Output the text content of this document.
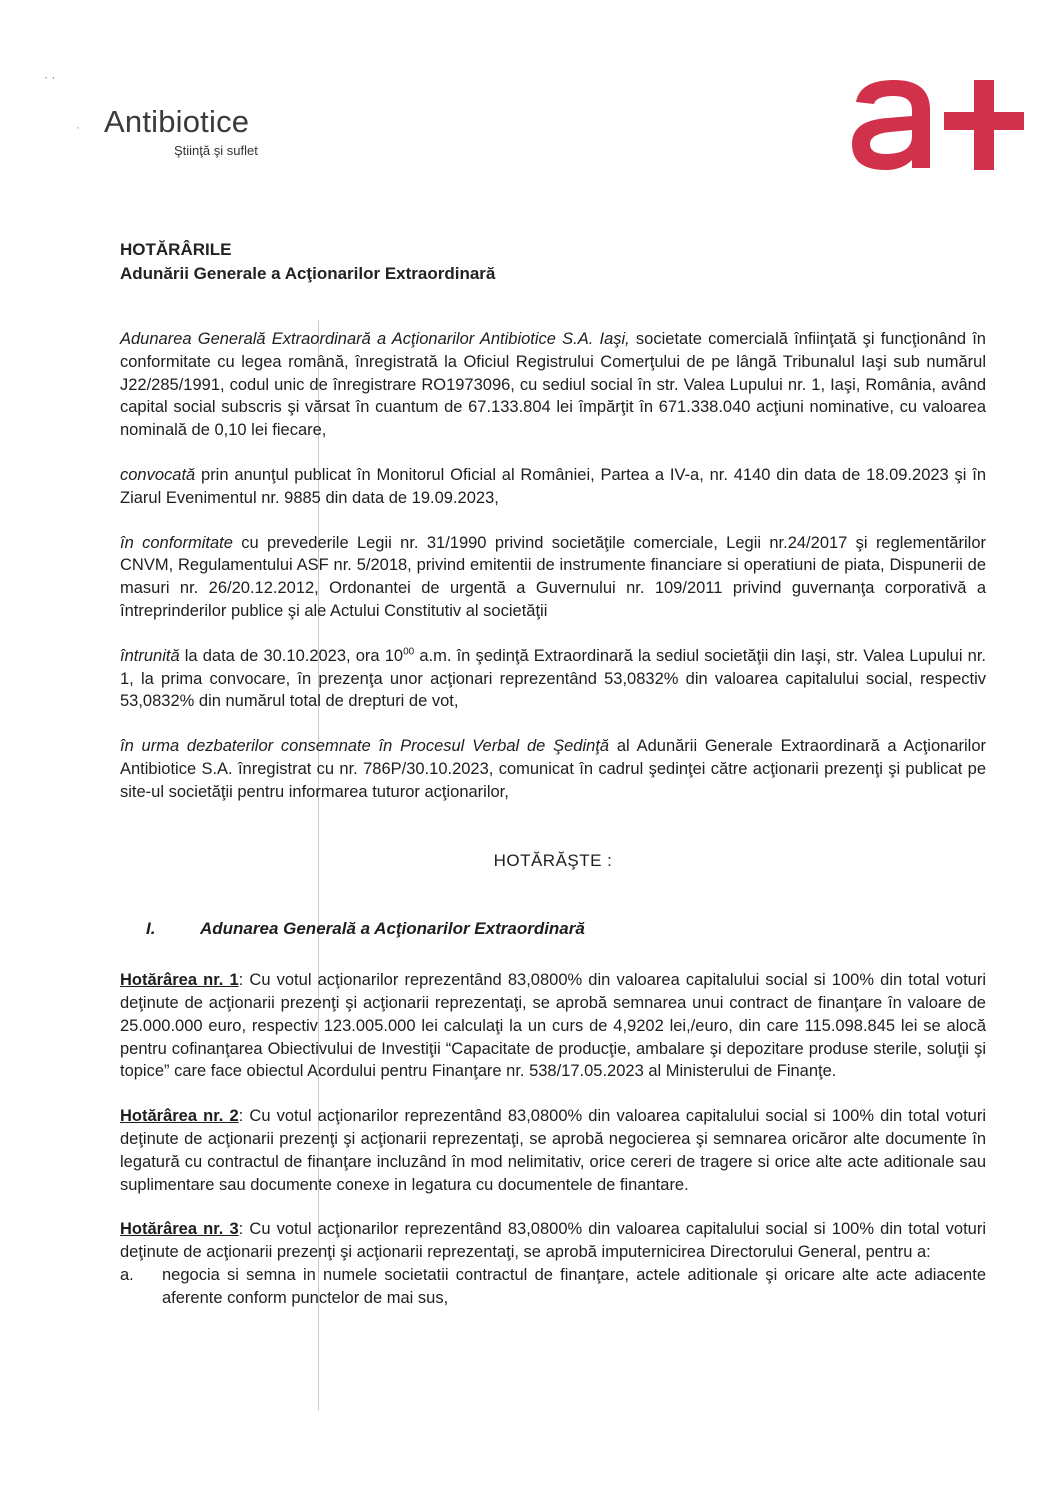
· ·
· Antibiotice
Ştiinţă şi suflet
HOTĂRÂRILE
Adunării Generale a Acţionarilor Extraordinară

Adunarea Generală Extraordinară a Acţionarilor Antibiotice S.A. Iaşi, societate comercială înfiinţată şi funcţionând în conformitate cu legea română, înregistrată la Oficiul Registrului Comerţului de pe lângă Tribunalul Iaşi sub numărul J22/285/1991, codul unic de înregistrare RO1973096, cu sediul social în str. Valea Lupului nr. 1, Iaşi, România, având capital social subscris şi vărsat în cuantum de 67.133.804 lei împărţit în 671.338.040 acţiuni nominative, cu valoarea nominală de 0,10 lei fiecare,

convocată prin anunţul publicat în Monitorul Oficial al României, Partea a IV-a, nr. 4140 din data de 18.09.2023 şi în Ziarul Evenimentul nr. 9885 din data de 19.09.2023,

în conformitate cu prevederile Legii nr. 31/1990 privind societăţile comerciale, Legii nr.24/2017 şi reglementărilor CNVM, Regulamentului ASF nr. 5/2018, privind emitentii de instrumente financiare si operatiuni de piata, Dispunerii de masuri nr. 26/20.12.2012, Ordonantei de urgentă a Guvernului nr. 109/2011 privind guvernanţa corporativă a întreprinderilor publice şi ale Actului Constitutiv al societăţii

întrunită la data de 30.10.2023, ora $10^{00}$ a.m. în şedinţă Extraordinară la sediul societăţii din Iaşi, str. Valea Lupului nr. 1, la prima convocare, în prezenţa unor acţionari reprezentând 53,0832% din valoarea capitalului social, respectiv 53,0832% din numărul total de drepturi de vot,

în urma dezbaterilor consemnate în Procesul Verbal de Şedinţă al Adunării Generale Extraordinară a Acţionarilor Antibiotice S.A. înregistrat cu nr. 786P/30.10.2023, comunicat în cadrul şedinţei către acţionarii prezenţi şi publicat pe site-ul societăţii pentru informarea tuturor acţionarilor,

HOTĂRĂŞTE :
I.	Adunarea Generală a Acţionarilor Extraordinară

Hotărârea nr. 1: Cu votul acţionarilor reprezentând 83,0800% din valoarea capitalului social si 100% din total voturi deţinute de acţionarii prezenţi şi acţionarii reprezentaţi, se aprobă semnarea unui contract de finanţare în valoare de 25.000.000 euro, respectiv 123.005.000 lei calculaţi la un curs de 4,9202 lei,/euro, din care 115.098.845 lei se alocă pentru cofinanţarea Obiectivului de Investiţii “Capacitate de producţie, ambalare şi depozitare produse sterile, soluţii şi topice” care face obiectul Acordului pentru Finanţare nr. 538/17.05.2023 al Ministerului de Finanţe.

Hotărârea nr. 2: Cu votul acţionarilor reprezentând 83,0800% din valoarea capitalului social si 100% din total voturi deţinute de acţionarii prezenţi şi acţionarii reprezentaţi, se aprobă negocierea şi semnarea oricăror alte documente în legatură cu contractul de finanţare incluzând în mod nelimitativ, orice cereri de tragere si orice alte acte aditionale sau suplimentare sau documente conexe in legatura cu documentele de finantare.

Hotărârea nr. 3: Cu votul acţionarilor reprezentând 83,0800% din valoarea capitalului social si 100% din total voturi deţinute de acţionarii prezenţi şi acţionarii reprezentaţi, se aprobă imputernicirea Directorului General, pentru a:

a.	negocia si semna in numele societatii contractul de finanţare, actele aditionale şi oricare alte acte adiacente aferente conform punctelor de mai sus,
